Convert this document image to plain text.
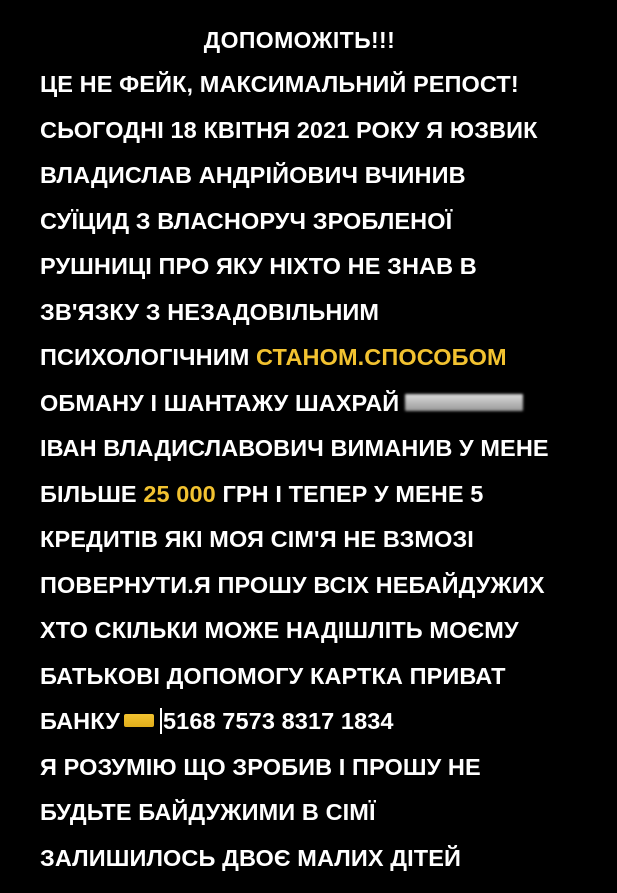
ДОПОМОЖІТЬ!!!
ЦЕ НЕ ФЕЙК, МАКСИМАЛЬНИЙ РЕПОСТ!
СЬОГОДНІ 18 КВІТНЯ 2021 РОКУ Я ЮЗВИК
ВЛАДИСЛАВ АНДРІЙОВИЧ ВЧИНИВ
СУЇЦИД З ВЛАСНОРУЧ ЗРОБЛЕНОЇ
РУШНИЦІ ПРО ЯКУ НІХТО НЕ ЗНАВ В
ЗВ'ЯЗКУ З НЕЗАДОВІЛЬНИМ
ПСИХОЛОГІЧНИМ СТАНОМ.СПОСОБОМ
ОБМАНУ І ШАНТАЖУ ШАХРАЙ
ІВАН ВЛАДИСЛАВОВИЧ ВИМАНИВ У МЕНЕ
БІЛЬШЕ 25 000 ГРН І ТЕПЕР У МЕНЕ 5
КРЕДИТІВ ЯКІ МОЯ СІМ'Я НЕ ВЗМОЗІ
ПОВЕРНУТИ.Я ПРОШУ ВСІХ НЕБАЙДУЖИХ
ХТО СКІЛЬКИ МОЖЕ НАДІШЛІТЬ МОЄМУ
БАТЬКОВІ ДОПОМОГУ КАРТКА ПРИВАТ
БАНКУ 5168 7573 8317 1834
Я РОЗУМІЮ ЩО ЗРОБИВ І ПРОШУ НЕ
БУДЬТЕ БАЙДУЖИМИ В СІМЇ
ЗАЛИШИЛОСЬ ДВОЄ МАЛИХ ДІТЕЙ
